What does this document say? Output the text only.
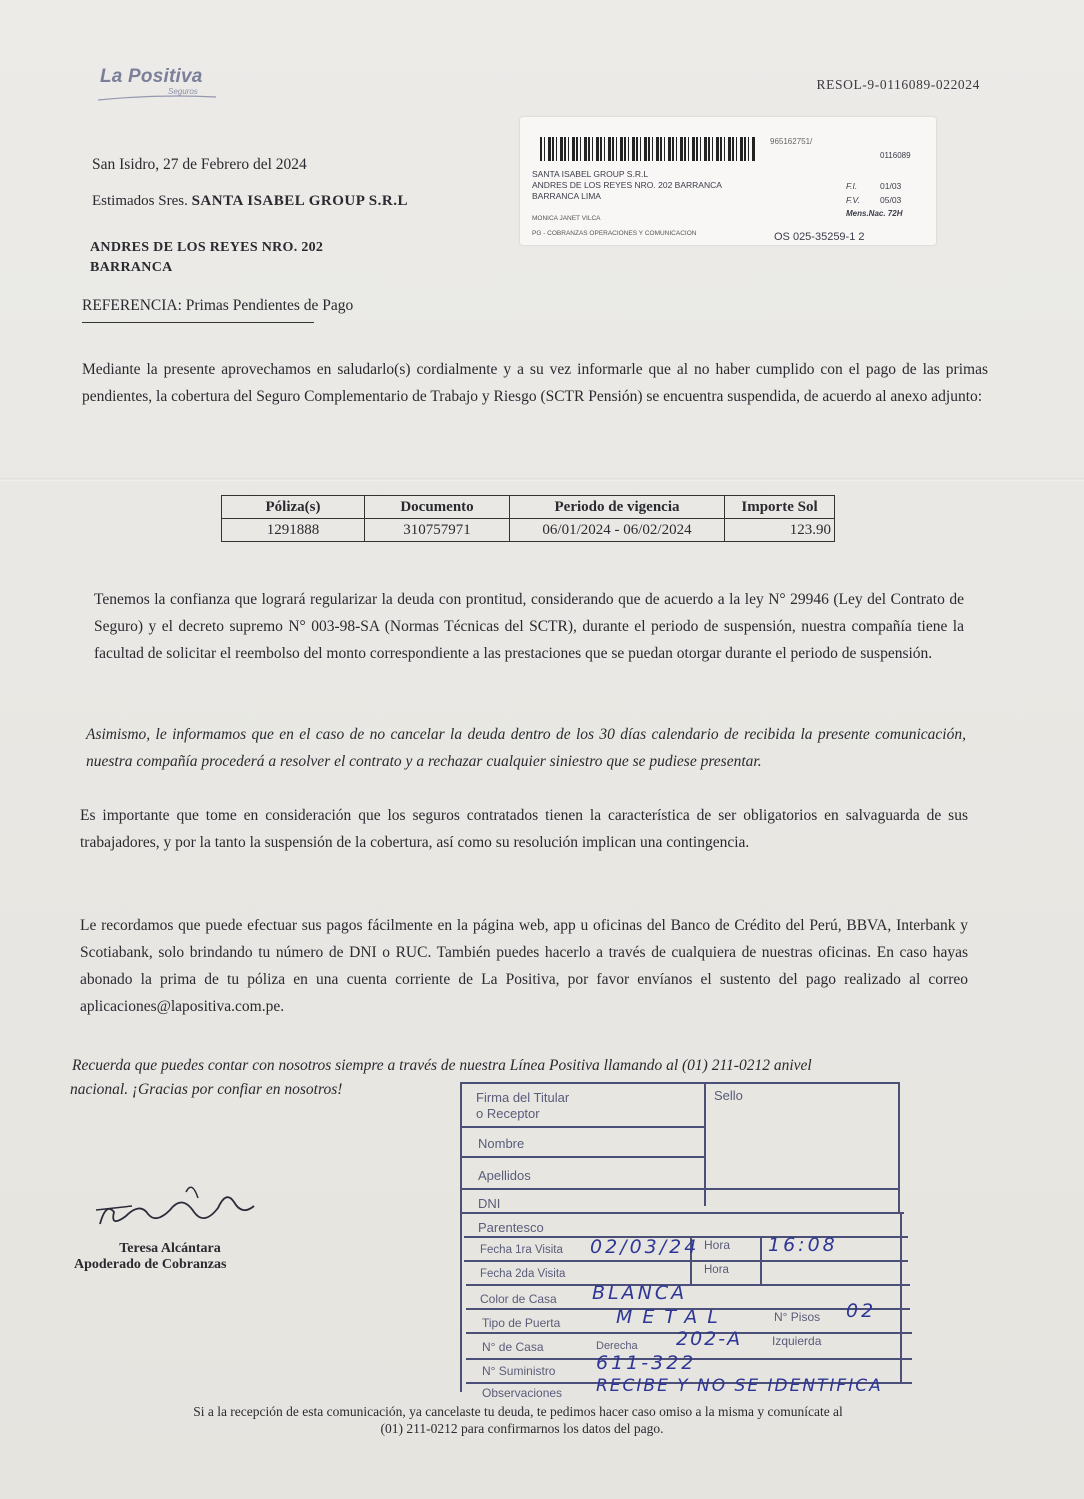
La Positiva
Seguros	RESOL-9-0116089-022024
965162751/
0116089
SANTA ISABEL GROUP S.R.L
ANDRES DE LOS REYES NRO. 202 BARRANCA
BARRANCA LIMA
MONICA JANET VILCA
PG - COBRANZAS OPERACIONES Y COMUNICACION
F.I.	01/03
F.V. 05/03
Mens.Nac. 72H
OS 025-35259-1 2
San Isidro, 27 de Febrero del 2024
Estimados Sres. SANTA ISABEL GROUP S.R.L
ANDRES DE LOS REYES NRO. 202
BARRANCA
REFERENCIA: Primas Pendientes de Pago
Mediante la presente aprovechamos en saludarlo(s) cordialmente y a su vez informarle que al no haber cumplido con el pago de las primas pendientes, la cobertura del Seguro Complementario de Trabajo y Riesgo (SCTR Pensión) se encuentra suspendida, de acuerdo al anexo adjunto:
Póliza(s)	Documento	Periodo de vigencia	Importe Sol
1291888	310757971	06/01/2024 - 06/02/2024	123.90
Tenemos la confianza que logrará regularizar la deuda con prontitud, considerando que de acuerdo a la ley N° 29946 (Ley del Contrato de Seguro) y el decreto supremo N° 003-98-SA (Normas Técnicas del SCTR), durante el periodo de suspensión, nuestra compañía tiene la facultad de solicitar el reembolso del monto correspondiente a las prestaciones que se puedan otorgar durante el periodo de suspensión.
Asimismo, le informamos que en el caso de no cancelar la deuda dentro de los 30 días calendario de recibida la presente comunicación, nuestra compañía procederá a resolver el contrato y a rechazar cualquier siniestro que se pudiese presentar.
Es importante que tome en consideración que los seguros contratados tienen la característica de ser obligatorios en salvaguarda de sus trabajadores, y por la tanto la suspensión de la cobertura, así como su resolución implican una contingencia.
Le recordamos que puede efectuar sus pagos fácilmente en la página web, app u oficinas del Banco de Crédito del Perú, BBVA, Interbank y Scotiabank, solo brindando tu número de DNI o RUC. También puedes hacerlo a través de cualquiera de nuestras oficinas. En caso hayas abonado la prima de tu póliza en una cuenta corriente de La Positiva, por favor envíanos el sustento del pago realizado al correo aplicaciones@lapositiva.com.pe.
Recuerda que puedes contar con nosotros siempre a través de nuestra Línea Positiva llamando al (01) 211-0212 anivel
nacional. ¡Gracias por confiar en nosotros!
Teresa Alcántara
Apoderado de Cobranzas
Firma del Titular
o Receptor
Sello
Nombre
Apellidos
DNI
Parentesco
Fecha 1ra Visita 02/03/24 Hora 16:08
Fecha 2da Visita	Hora
Color de Casa BLANCA
Tipo de Puerta	METAL	N° Pisos 02
N° de Casa	Derecha 202-A Izquierda
N° Suministro 611-322
Observaciones RECIBE Y NO SE IDENTIFICA
Si a la recepción de esta comunicación, ya cancelaste tu deuda, te pedimos hacer caso omiso a la misma y comunícate al
(01) 211-0212 para confirmarnos los datos del pago.
